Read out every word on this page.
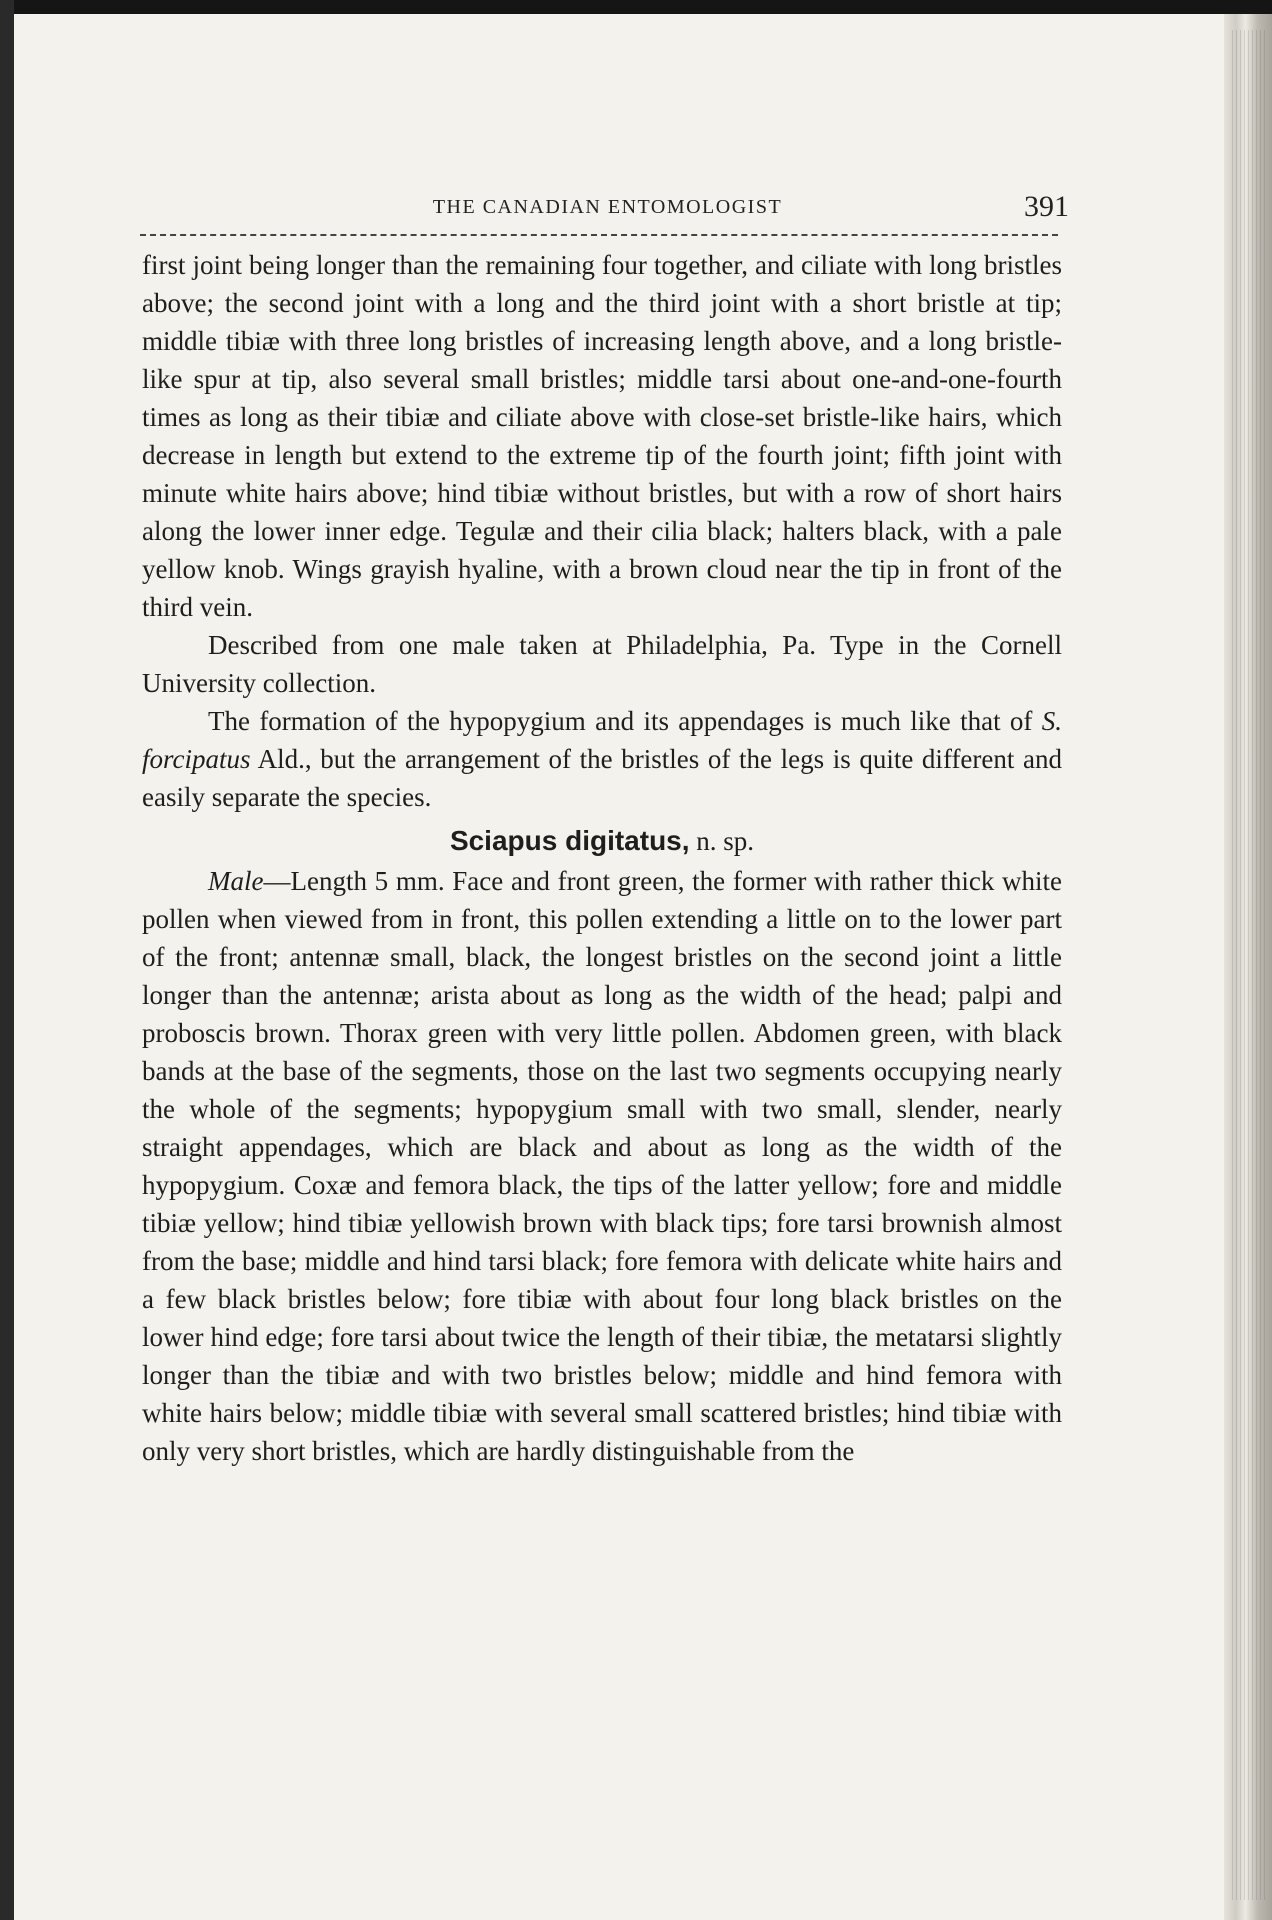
THE CANADIAN ENTOMOLOGIST	391

first joint being longer than the remaining four together, and ciliate with long bristles above; the second joint with a long and the third joint with a short bristle at tip; middle tibiæ with three long bristles of increasing length above, and a long bristle-like spur at tip, also several small bristles; middle tarsi about one-and-one-fourth times as long as their tibiæ and ciliate above with close-set bristle-like hairs, which decrease in length but extend to the extreme tip of the fourth joint; fifth joint with minute white hairs above; hind tibiæ without bristles, but with a row of short hairs along the lower inner edge. Tegulæ and their cilia black; halters black, with a pale yellow knob. Wings grayish hyaline, with a brown cloud near the tip in front of the third vein.

Described from one male taken at Philadelphia, Pa. Type in the Cornell University collection.

The formation of the hypopygium and its appendages is much like that of S. forcipatus Ald., but the arrangement of the bristles of the legs is quite different and easily separate the species.

Sciapus digitatus, n. sp.

Male—Length 5 mm. Face and front green, the former with rather thick white pollen when viewed from in front, this pollen extending a little on to the lower part of the front; antennæ small, black, the longest bristles on the second joint a little longer than the antennæ; arista about as long as the width of the head; palpi and proboscis brown. Thorax green with very little pollen. Abdomen green, with black bands at the base of the segments, those on the last two segments occupying nearly the whole of the segments; hypopygium small with two small, slender, nearly straight appendages, which are black and about as long as the width of the hypopygium. Coxæ and femora black, the tips of the latter yellow; fore and middle tibiæ yellow; hind tibiæ yellowish brown with black tips; fore tarsi brownish almost from the base; middle and hind tarsi black; fore femora with delicate white hairs and a few black bristles below; fore tibiæ with about four long black bristles on the lower hind edge; fore tarsi about twice the length of their tibiæ, the metatarsi slightly longer than the tibiæ and with two bristles below; middle and hind femora with white hairs below; middle tibiæ with several small scattered bristles; hind tibiæ with only very short bristles, which are hardly distinguishable from the
